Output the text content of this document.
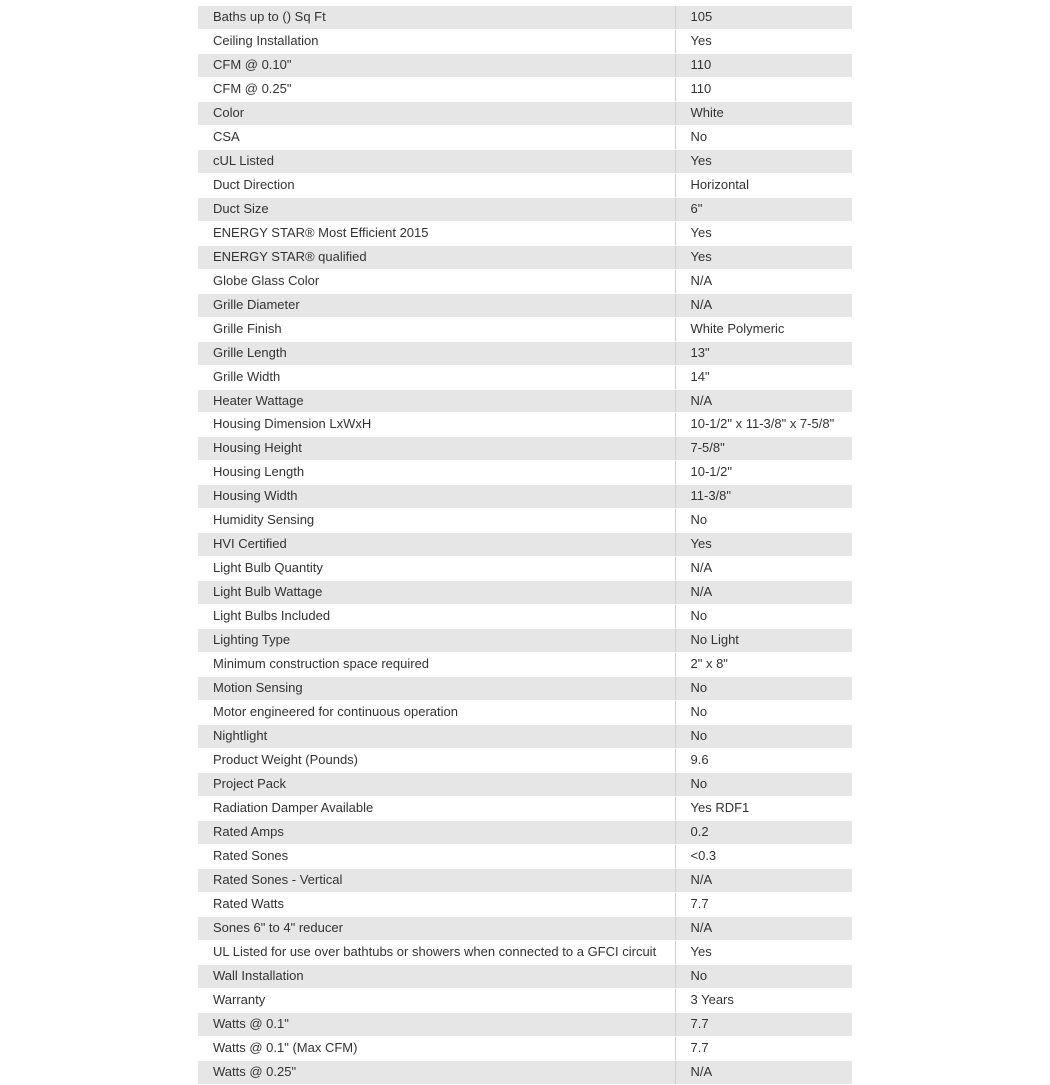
Baths up to () Sq Ft	105
Ceiling Installation	Yes
CFM @ 0.10"	110
CFM @ 0.25"	110
Color	White
CSA	No
cUL Listed	Yes
Duct Direction	Horizontal
Duct Size	6"
ENERGY STAR® Most Efficient 2015	Yes
ENERGY STAR® qualified	Yes
Globe Glass Color	N/A
Grille Diameter	N/A
Grille Finish	White Polymeric
Grille Length	13"
Grille Width	14"
Heater Wattage	N/A
Housing Dimension LxWxH	10-1/2" x 11-3/8" x 7-5/8"
Housing Height	7-5/8"
Housing Length	10-1/2"
Housing Width	11-3/8"
Humidity Sensing	No
HVI Certified	Yes
Light Bulb Quantity	N/A
Light Bulb Wattage	N/A
Light Bulbs Included	No
Lighting Type	No Light
Minimum construction space required	2" x 8"
Motion Sensing	No
Motor engineered for continuous operation	No
Nightlight	No
Product Weight (Pounds)	9.6
Project Pack	No
Radiation Damper Available	Yes RDF1
Rated Amps	0.2
Rated Sones	<0.3
Rated Sones - Vertical	N/A
Rated Watts	7.7
Sones 6" to 4" reducer	N/A
UL Listed for use over bathtubs or showers when connected to a GFCI circuit	Yes
Wall Installation	No
Warranty	3 Years
Watts @ 0.1"	7.7
Watts @ 0.1" (Max CFM)	7.7
Watts @ 0.25"	N/A
